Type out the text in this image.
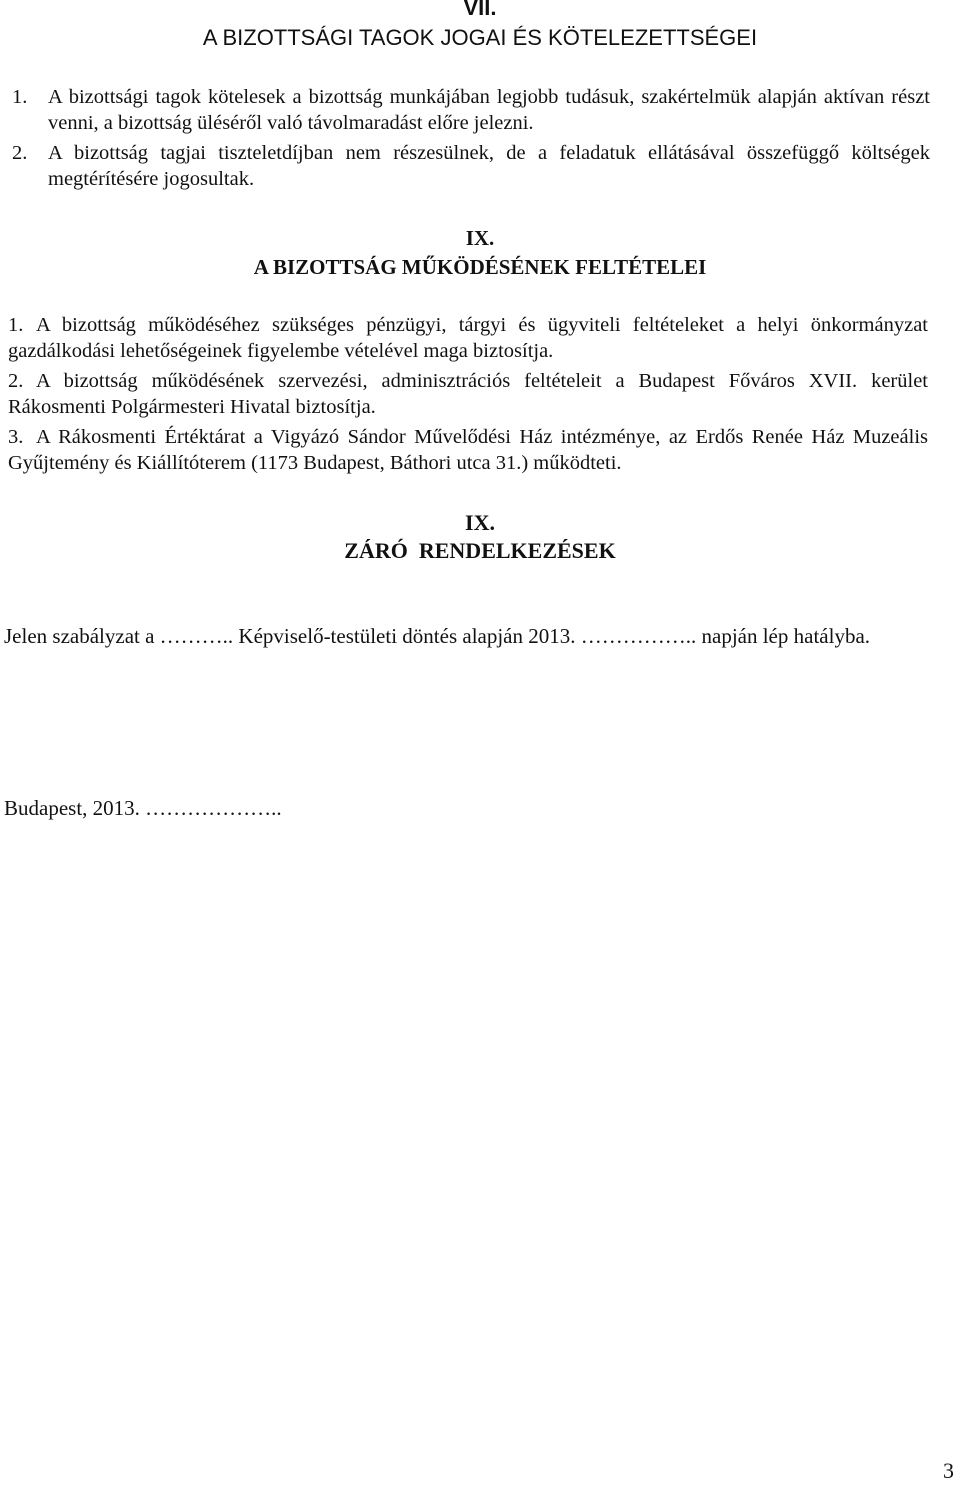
VII.
A BIZOTTSÁGI TAGOK JOGAI ÉS KÖTELEZETTSÉGEI
1. A bizottsági tagok kötelesek a bizottság munkájában legjobb tudásuk, szakértelmük alapján aktívan részt venni, a bizottság üléséről való távolmaradást előre jelezni.
2. A bizottság tagjai tiszteletdíjban nem részesülnek, de a feladatuk ellátásával összefüggő költségek megtérítésére jogosultak.
IX.
A BIZOTTSÁG MŰKÖDÉSÉNEK FELTÉTELEI
1. A bizottság működéséhez szükséges pénzügyi, tárgyi és ügyviteli feltételeket a helyi önkormányzat gazdálkodási lehetőségeinek figyelembe vételével maga biztosítja.
2. A bizottság működésének szervezési, adminisztrációs feltételeit a Budapest Főváros XVII. kerület Rákosmenti Polgármesteri Hivatal biztosítja.
3. A Rákosmenti Értéktárat a Vigyázó Sándor Művelődési Ház intézménye, az Erdős Renée Ház Muzeális Gyűjtemény és Kiállítóterem (1173 Budapest, Báthori utca 31.) működteti.
IX.
ZÁRÓ  RENDELKEZÉSEK
Jelen szabályzat a ……….. Képviselő-testületi döntés alapján 2013. …………….. napján lép hatályba.
Budapest, 2013. ………………..
3
